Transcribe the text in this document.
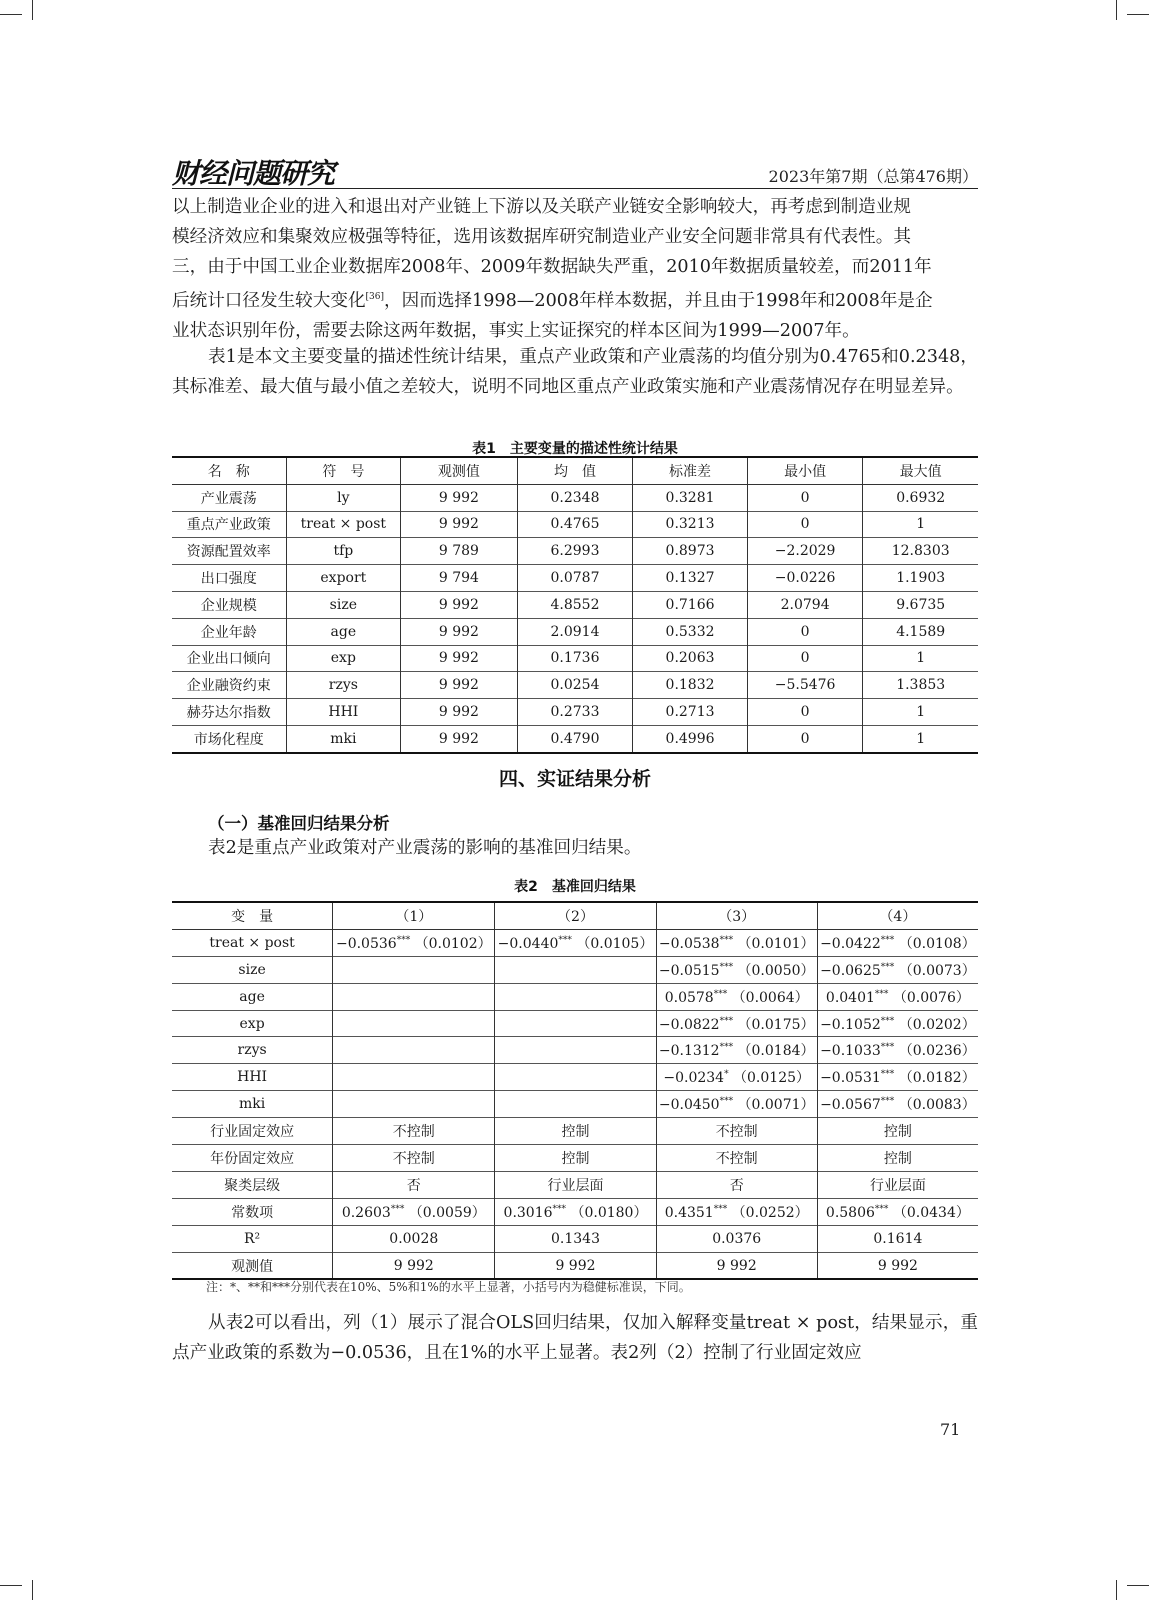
财经问题研究	2023年第7期（总第476期）

以上制造业企业的进入和退出对产业链上下游以及关联产业链安全影响较大，再考虑到制造业规

模经济效应和集聚效应极强等特征，选用该数据库研究制造业产业安全问题非常具有代表性。其

三，由于中国工业企业数据库2008年、2009年数据缺失严重，2010年数据质量较差，而2011年

后统计口径发生较大变化[36]，因而选择1998—2008年样本数据，并且由于1998年和2008年是企

业状态识别年份，需要去除这两年数据，事实上实证探究的样本区间为1999—2007年。

表1是本文主要变量的描述性统计结果，重点产业政策和产业震荡的均值分别为0.4765和0.2348，其标准差、最大值与最小值之差较大，说明不同地区重点产业政策实施和产业震荡情况存在明显差异。

表1　主要变量的描述性统计结果
名　称	符　号	观测值	均　值	标准差	最小值	最大值
产业震荡	ly	9 992	0.2348	0.3281	0	0.6932
重点产业政策	treat × post	9 992	0.4765	0.3213	0	1
资源配置效率	tfp	9 789	6.2993	0.8973	−2.2029	12.8303
出口强度	export	9 794	0.0787	0.1327	−0.0226	1.1903
企业规模	size	9 992	4.8552	0.7166	2.0794	9.6735
企业年龄	age	9 992	2.0914	0.5332	0	4.1589
企业出口倾向	exp	9 992	0.1736	0.2063	0	1
企业融资约束	rzys	9 992	0.0254	0.1832	−5.5476	1.3853
赫芬达尔指数	HHI	9 992	0.2733	0.2713	0	1
市场化程度	mki	9 992	0.4790	0.4996	0	1
四、实证结果分析
（一）基准回归结果分析

表2是重点产业政策对产业震荡的影响的基准回归结果。

表2　基准回归结果
变　量	（1）	（2）	（3）	（4）
treat × post	−0.0536*** （0.0102）	−0.0440*** （0.0105）	−0.0538*** （0.0101）	−0.0422*** （0.0108）
size			−0.0515*** （0.0050）	−0.0625*** （0.0073）
age			0.0578*** （0.0064）	0.0401*** （0.0076）
exp			−0.0822*** （0.0175）	−0.1052*** （0.0202）
rzys			−0.1312*** （0.0184）	−0.1033*** （0.0236）
HHI			−0.0234* （0.0125）	−0.0531*** （0.0182）
mki			−0.0450*** （0.0071）	−0.0567*** （0.0083）
行业固定效应	不控制	控制	不控制	控制
年份固定效应	不控制	控制	不控制	控制
聚类层级	否	行业层面	否	行业层面
常数项	0.2603*** （0.0059）	0.3016*** （0.0180）	0.4351*** （0.0252）	0.5806*** （0.0434）
R²	0.0028	0.1343	0.0376	0.1614
观测值	9 992	9 992	9 992	9 992
注：*、**和***分别代表在10%、5%和1%的水平上显著，小括号内为稳健标准误，下同。

从表2可以看出，列（1）展示了混合OLS回归结果，仅加入解释变量treat × post，结果显示，重点产业政策的系数为−0.0536，且在1%的水平上显著。表2列（2）控制了行业固定效应

71
